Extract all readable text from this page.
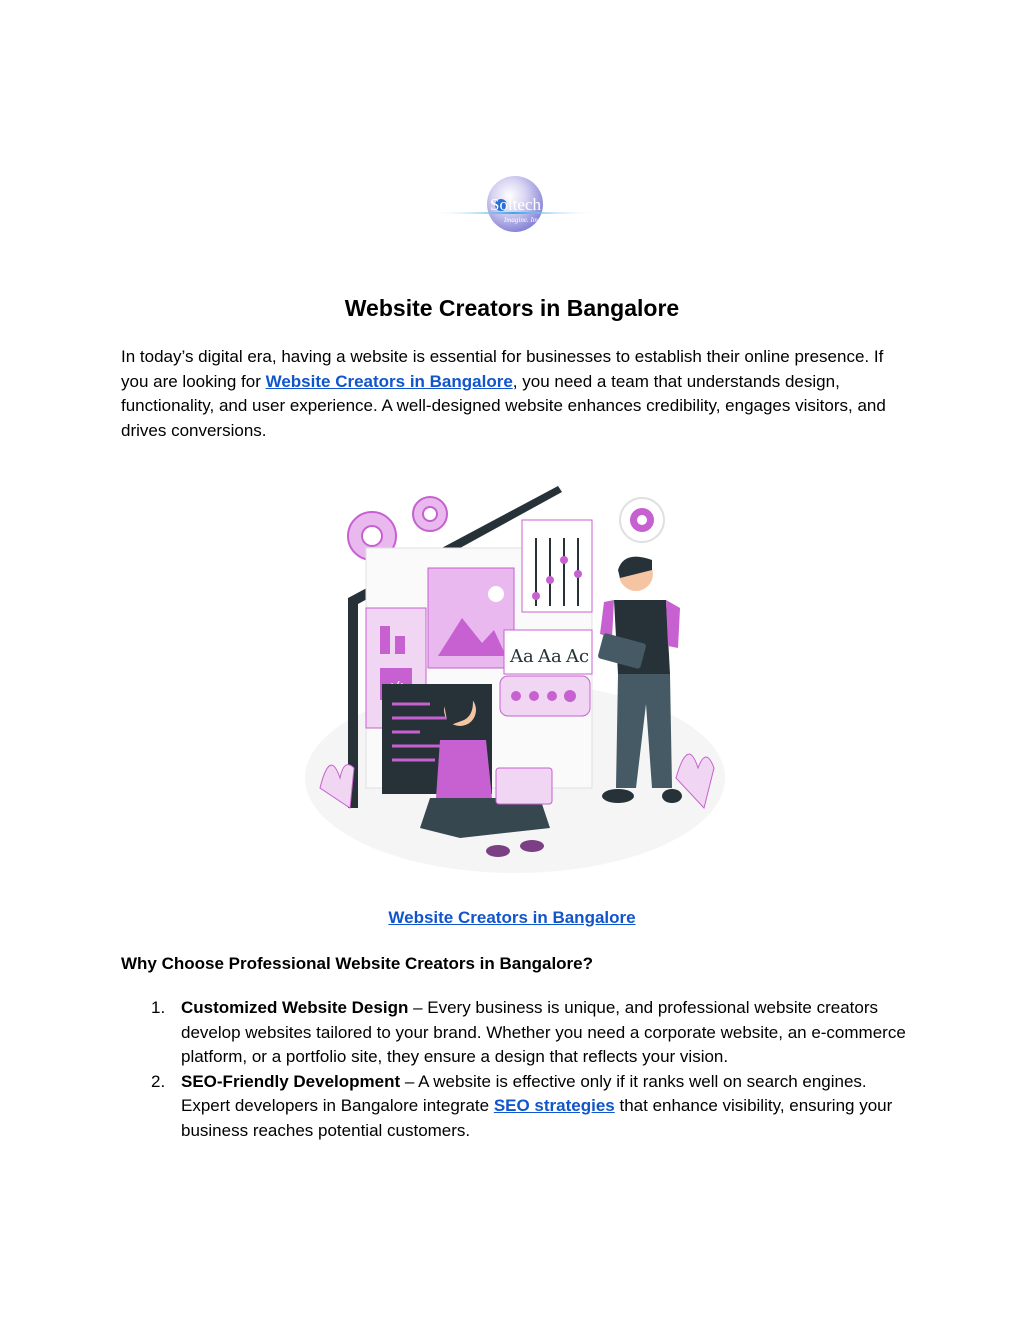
Soltech
Imagine. Implement.
Website Creators in Bangalore

In today’s digital era, having a website is essential for businesses to establish their online presence. If you are looking for Website Creators in Bangalore, you need a team that understands design, functionality, and user experience. A well-designed website enhances credibility, engages visitors, and drives conversions.

Aa Aa Ac

Website Creators in Bangalore

Why Choose Professional Website Creators in Bangalore?

1. Customized Website Design – Every business is unique, and professional website creators develop websites tailored to your brand. Whether you need a corporate website, an e-commerce platform, or a portfolio site, they ensure a design that reflects your vision.
2. SEO-Friendly Development – A website is effective only if it ranks well on search engines. Expert developers in Bangalore integrate SEO strategies that enhance visibility, ensuring your business reaches potential customers.
